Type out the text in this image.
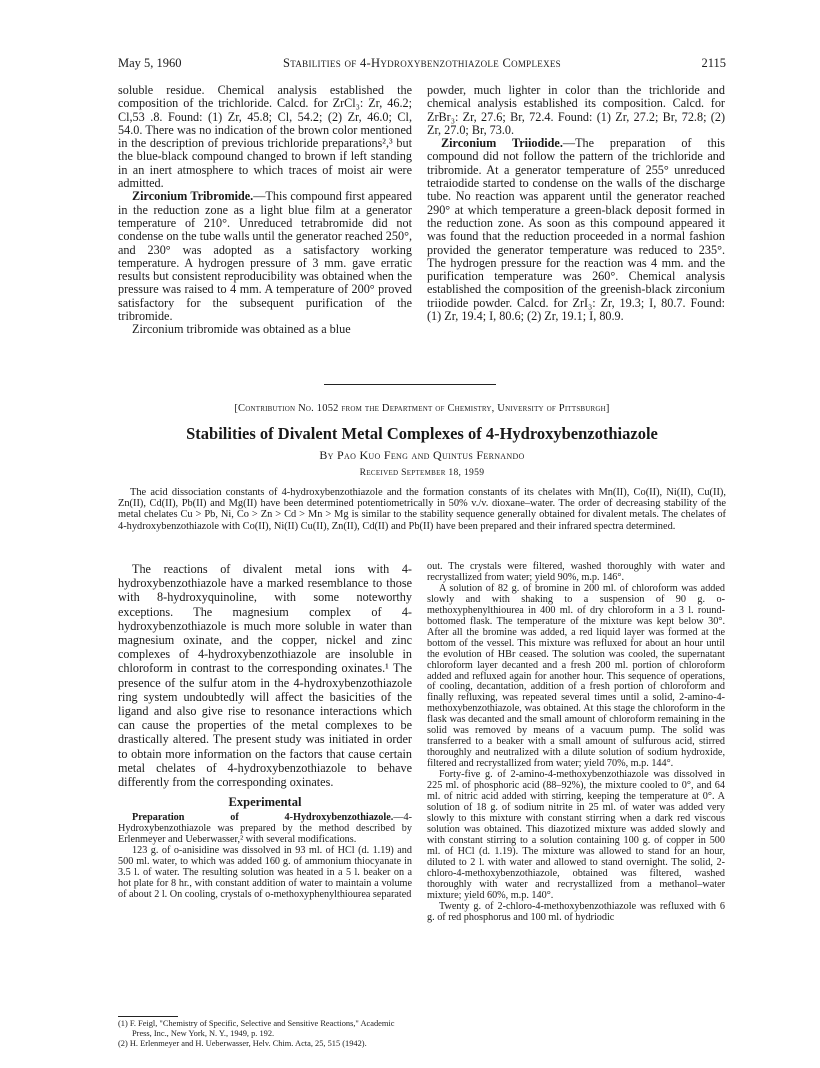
May 5, 1960	Stabilities of 4-Hydroxybenzothiazole Complexes	2115

soluble residue. Chemical analysis established the composition of the trichloride. Calcd. for ZrCl₃: Zr, 46.2; Cl,53 .8. Found: (1) Zr, 45.8; Cl, 54.2; (2) Zr, 46.0; Cl, 54.0. There was no indication of the brown color mentioned in the description of previous trichloride preparations²,³ but the blue-black compound changed to brown if left standing in an inert atmosphere to which traces of moist air were admitted.

Zirconium Tribromide.—This compound first appeared in the reduction zone as a light blue film at a generator temperature of 210°. Unreduced tetrabromide did not condense on the tube walls until the generator reached 250°, and 230° was adopted as a satisfactory working temperature. A hydrogen pressure of 3 mm. gave erratic results but consistent reproducibility was obtained when the pressure was raised to 4 mm. A temperature of 200° proved satisfactory for the subsequent purification of the tribromide.

Zirconium tribromide was obtained as a blue

powder, much lighter in color than the trichloride and chemical analysis established its composition. Calcd. for ZrBr₃: Zr, 27.6; Br, 72.4. Found: (1) Zr, 27.2; Br, 72.8; (2) Zr, 27.0; Br, 73.0.

Zirconium Triiodide.—The preparation of this compound did not follow the pattern of the trichloride and tribromide. At a generator temperature of 255° unreduced tetraiodide started to condense on the walls of the discharge tube. No reaction was apparent until the generator reached 290° at which temperature a green-black deposit formed in the reduction zone. As soon as this compound appeared it was found that the reduction proceeded in a normal fashion provided the generator temperature was reduced to 235°. The hydrogen pressure for the reaction was 4 mm. and the purification temperature was 260°. Chemical analysis established the composition of the greenish-black zirconium triiodide powder. Calcd. for ZrI₃: Zr, 19.3; I, 80.7. Found: (1) Zr, 19.4; I, 80.6; (2) Zr, 19.1; I, 80.9.

[Contribution No. 1052 from the Department of Chemistry, University of Pittsburgh]
Stabilities of Divalent Metal Complexes of 4-Hydroxybenzothiazole
By Pao Kuo Feng and Quintus Fernando
Received September 18, 1959

The acid dissociation constants of 4-hydroxybenzothiazole and the formation constants of its chelates with Mn(II), Co(II), Ni(II), Cu(II), Zn(II), Cd(II), Pb(II) and Mg(II) have been determined potentiometrically in 50% v./v. dioxane–water. The order of decreasing stability of the metal chelates Cu > Pb, Ni, Co > Zn > Cd > Mn > Mg is similar to the stability sequence generally obtained for divalent metals. The chelates of 4-hydroxybenzothiazole with Co(II), Ni(II) Cu(II), Zn(II), Cd(II) and Pb(II) have been prepared and their infrared spectra determined.

The reactions of divalent metal ions with 4-hydroxybenzothiazole have a marked resemblance to those with 8-hydroxyquinoline, with some noteworthy exceptions. The magnesium complex of 4-hydroxybenzothiazole is much more soluble in water than magnesium oxinate, and the copper, nickel and zinc complexes of 4-hydroxybenzothiazole are insoluble in chloroform in contrast to the corresponding oxinates.¹ The presence of the sulfur atom in the 4-hydroxybenzothiazole ring system undoubtedly will affect the basicities of the ligand and also give rise to resonance interactions which can cause the properties of the metal complexes to be drastically altered. The present study was initiated in order to obtain more information on the factors that cause certain metal chelates of 4-hydroxybenzothiazole to behave differently from the corresponding oxinates.

Experimental

Preparation of 4-Hydroxybenzothiazole.—4-Hydroxybenzothiazole was prepared by the method described by Erlenmeyer and Ueberwasser,² with several modifications.

123 g. of o-anisidine was dissolved in 93 ml. of HCl (d. 1.19) and 500 ml. water, to which was added 160 g. of ammonium thiocyanate in 3.5 l. of water. The resulting solution was heated in a 5 l. beaker on a hot plate for 8 hr., with constant addition of water to maintain a volume of about 2 l. On cooling, crystals of o-methoxyphenylthiourea separated

out. The crystals were filtered, washed thoroughly with water and recrystallized from water; yield 90%, m.p. 146°.

A solution of 82 g. of bromine in 200 ml. of chloroform was added slowly and with shaking to a suspension of 90 g. o-methoxyphenylthiourea in 400 ml. of dry chloroform in a 3 l. round-bottomed flask. The temperature of the mixture was kept below 30°. After all the bromine was added, a red liquid layer was formed at the bottom of the vessel. This mixture was refluxed for about an hour until the evolution of HBr ceased. The solution was cooled, the supernatant chloroform layer decanted and a fresh 200 ml. portion of chloroform added and refluxed again for another hour. This sequence of operations, of cooling, decantation, addition of a fresh portion of chloroform and finally refluxing, was repeated several times until a solid, 2-amino-4-methoxybenzothiazole, was obtained. At this stage the chloroform in the flask was decanted and the small amount of chloroform remaining in the solid was removed by means of a vacuum pump. The solid was transferred to a beaker with a small amount of sulfurous acid, stirred thoroughly and neutralized with a dilute solution of sodium hydroxide, filtered and recrystallized from water; yield 70%, m.p. 144°.

Forty-five g. of 2-amino-4-methoxybenzothiazole was dissolved in 225 ml. of phosphoric acid (88–92%), the mixture cooled to 0°, and 64 ml. of nitric acid added with stirring, keeping the temperature at 0°. A solution of 18 g. of sodium nitrite in 25 ml. of water was added very slowly to this mixture with constant stirring when a dark red viscous solution was obtained. This diazotized mixture was added slowly and with constant stirring to a solution containing 100 g. of copper in 500 ml. of HCl (d. 1.19). The mixture was allowed to stand for an hour, diluted to 2 l. with water and allowed to stand overnight. The solid, 2-chloro-4-methoxybenzothiazole, obtained was filtered, washed thoroughly with water and recrystallized from a methanol–water mixture; yield 60%, m.p. 140°.

Twenty g. of 2-chloro-4-methoxybenzothiazole was refluxed with 6 g. of red phosphorus and 100 ml. of hydriodic

(1) F. Feigl, "Chemistry of Specific, Selective and Sensitive Reactions," Academic Press, Inc., New York, N. Y., 1949, p. 192.

(2) H. Erlenmeyer and H. Ueberwasser, Helv. Chim. Acta, 25, 515 (1942).
